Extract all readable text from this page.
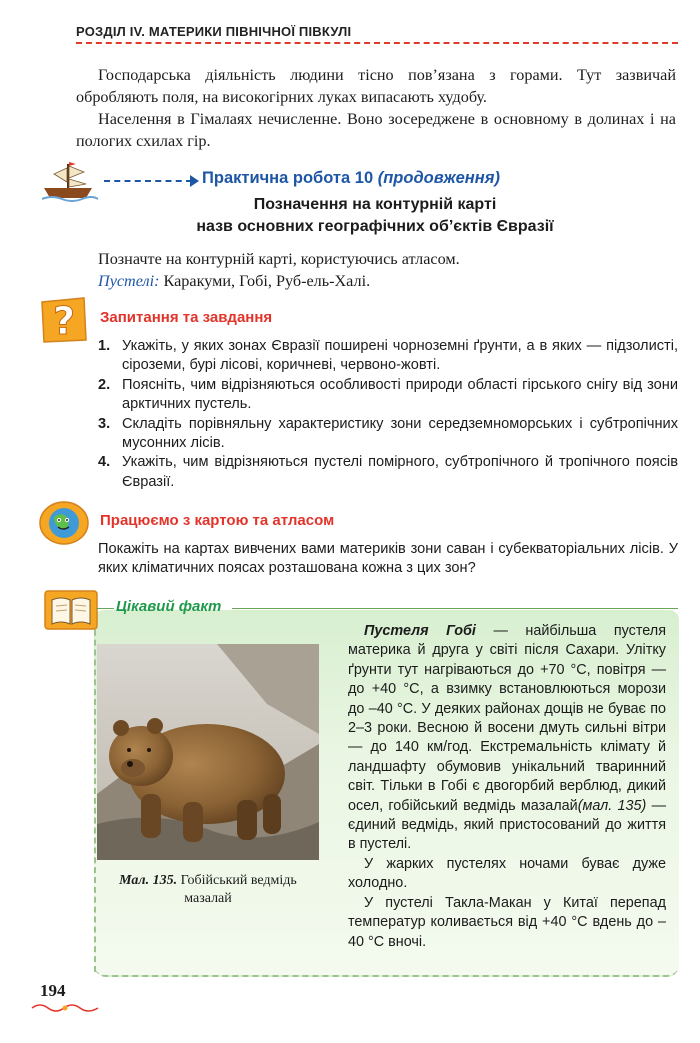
РОЗДІЛ IV. МАТЕРИКИ ПІВНІЧНОЇ ПІВКУЛІ

Господарська діяльність людини тісно пов’язана з горами. Тут зазвичай обробляють поля, на високогірних луках випасають худобу.

Населення в Гімалаях нечисленне. Воно зосереджене в основному в долинах і на пологих схилах гір.

Практична робота 10 (продовження)
Позначення на контурній карті
назв основних географічних об’єктів Євразії
Позначте на контурній карті, користуючись атласом.
Пустелі: Каракуми, Гобі, Руб-ель-Халі.
? Запитання та завдання
1. Укажіть, у яких зонах Євразії поширені чорноземні ґрунти, а в яких — підзолисті, сіроземи, бурі лісові, коричневі, червоно-жовті.
2. Поясніть, чим відрізняються особливості природи області гірського снігу від зони арктичних пустель.
3. Складіть порівняльну характеристику зони середземноморських і субтропічних мусонних лісів.
4. Укажіть, чим відрізняються пустелі помірного, субтропічного й тропічного поясів Євразії.
Працюємо з картою та атласом
Покажіть на картах вивчених вами материків зони саван і субекваторіальних лісів. У яких кліматичних поясах розташована кожна з цих зон?
Цікавий факт
Мал. 135. Гобійський ведмідь мазалай

Пустеля Гобі — найбільша пустеля материка й друга у світі після Сахари. Улітку ґрунти тут нагріваються до +70 °С, повітря — до +40 °С, а взимку встановлюються морози до –40 °С. У деяких районах дощів не буває по 2–3 роки. Весною й восени дмуть сильні вітри — до 140 км/год. Екстремальність клімату й ландшафту обумовив унікальний тваринний світ. Тільки в Гобі є двогорбий верблюд, дикий осел, гобійський ведмідь мазалай(мал. 135) — єдиний ведмідь, який пристосований до життя в пустелі.

У жарких пустелях ночами буває дуже холодно.

У пустелі Такла-Макан у Китаї перепад температур коливається від +40 °С вдень до –40 °С вночі.

194
